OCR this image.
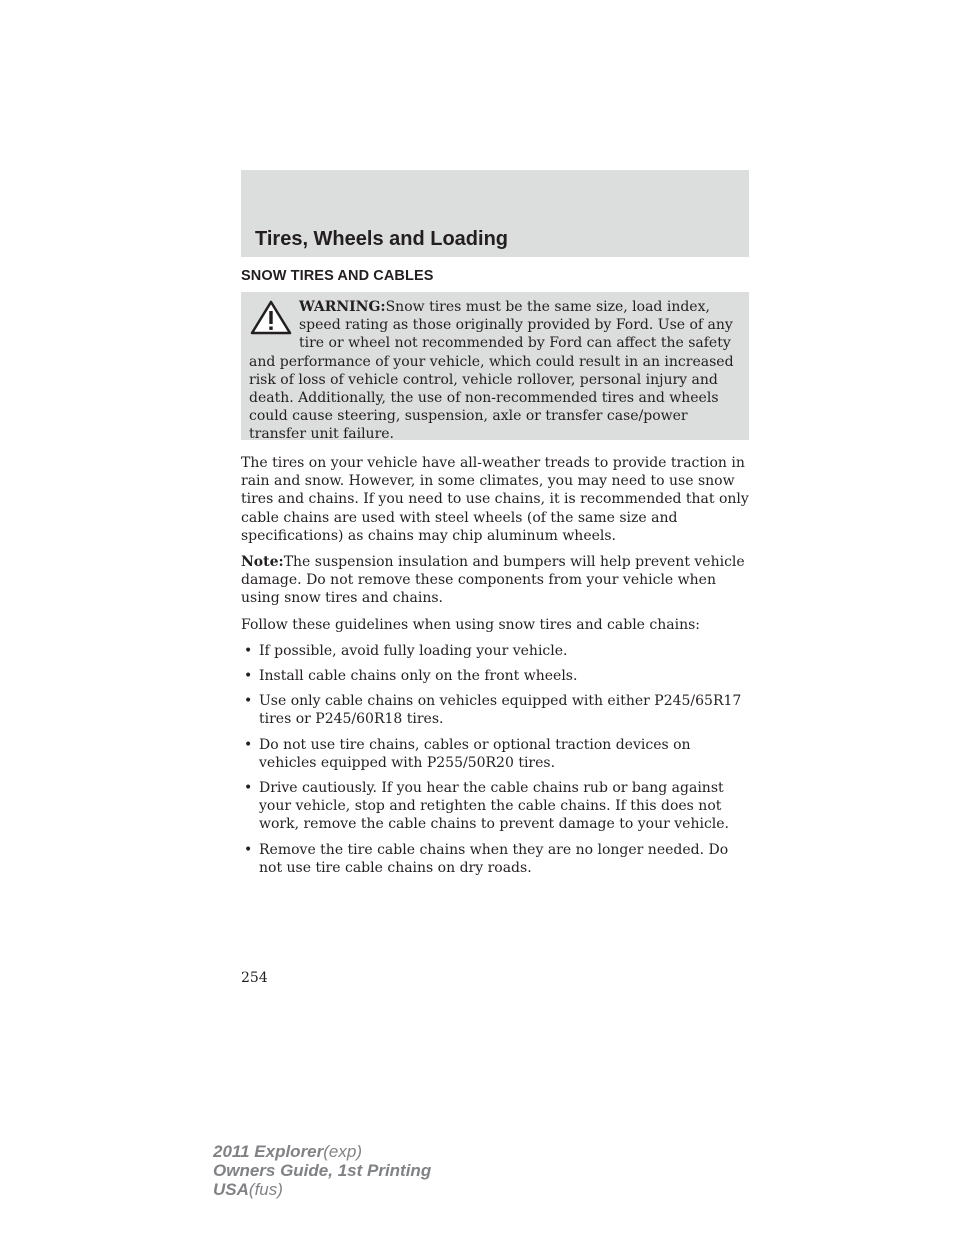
Tires, Wheels and Loading
SNOW TIRES AND CABLES
WARNING:Snow tires must be the same size, load index, speed rating as those originally provided by Ford. Use of any tire or wheel not recommended by Ford can affect the safety and performance of your vehicle, which could result in an increased risk of loss of vehicle control, vehicle rollover, personal injury and death. Additionally, the use of non-recommended tires and wheels could cause steering, suspension, axle or transfer case/power transfer unit failure.

The tires on your vehicle have all-weather treads to provide traction in rain and snow. However, in some climates, you may need to use snow tires and chains. If you need to use chains, it is recommended that only cable chains are used with steel wheels (of the same size and specifications) as chains may chip aluminum wheels.

Note:The suspension insulation and bumpers will help prevent vehicle damage. Do not remove these components from your vehicle when using snow tires and chains.

Follow these guidelines when using snow tires and cable chains:

• If possible, avoid fully loading your vehicle.
• Install cable chains only on the front wheels.
• Use only cable chains on vehicles equipped with either P245/65R17 tires or P245/60R18 tires.
• Do not use tire chains, cables or optional traction devices on vehicles equipped with P255/50R20 tires.
• Drive cautiously. If you hear the cable chains rub or bang against your vehicle, stop and retighten the cable chains. If this does not work, remove the cable chains to prevent damage to your vehicle.
• Remove the tire cable chains when they are no longer needed. Do not use tire cable chains on dry roads.
254
2011 Explorer(exp)
Owners Guide, 1st Printing
USA(fus)
